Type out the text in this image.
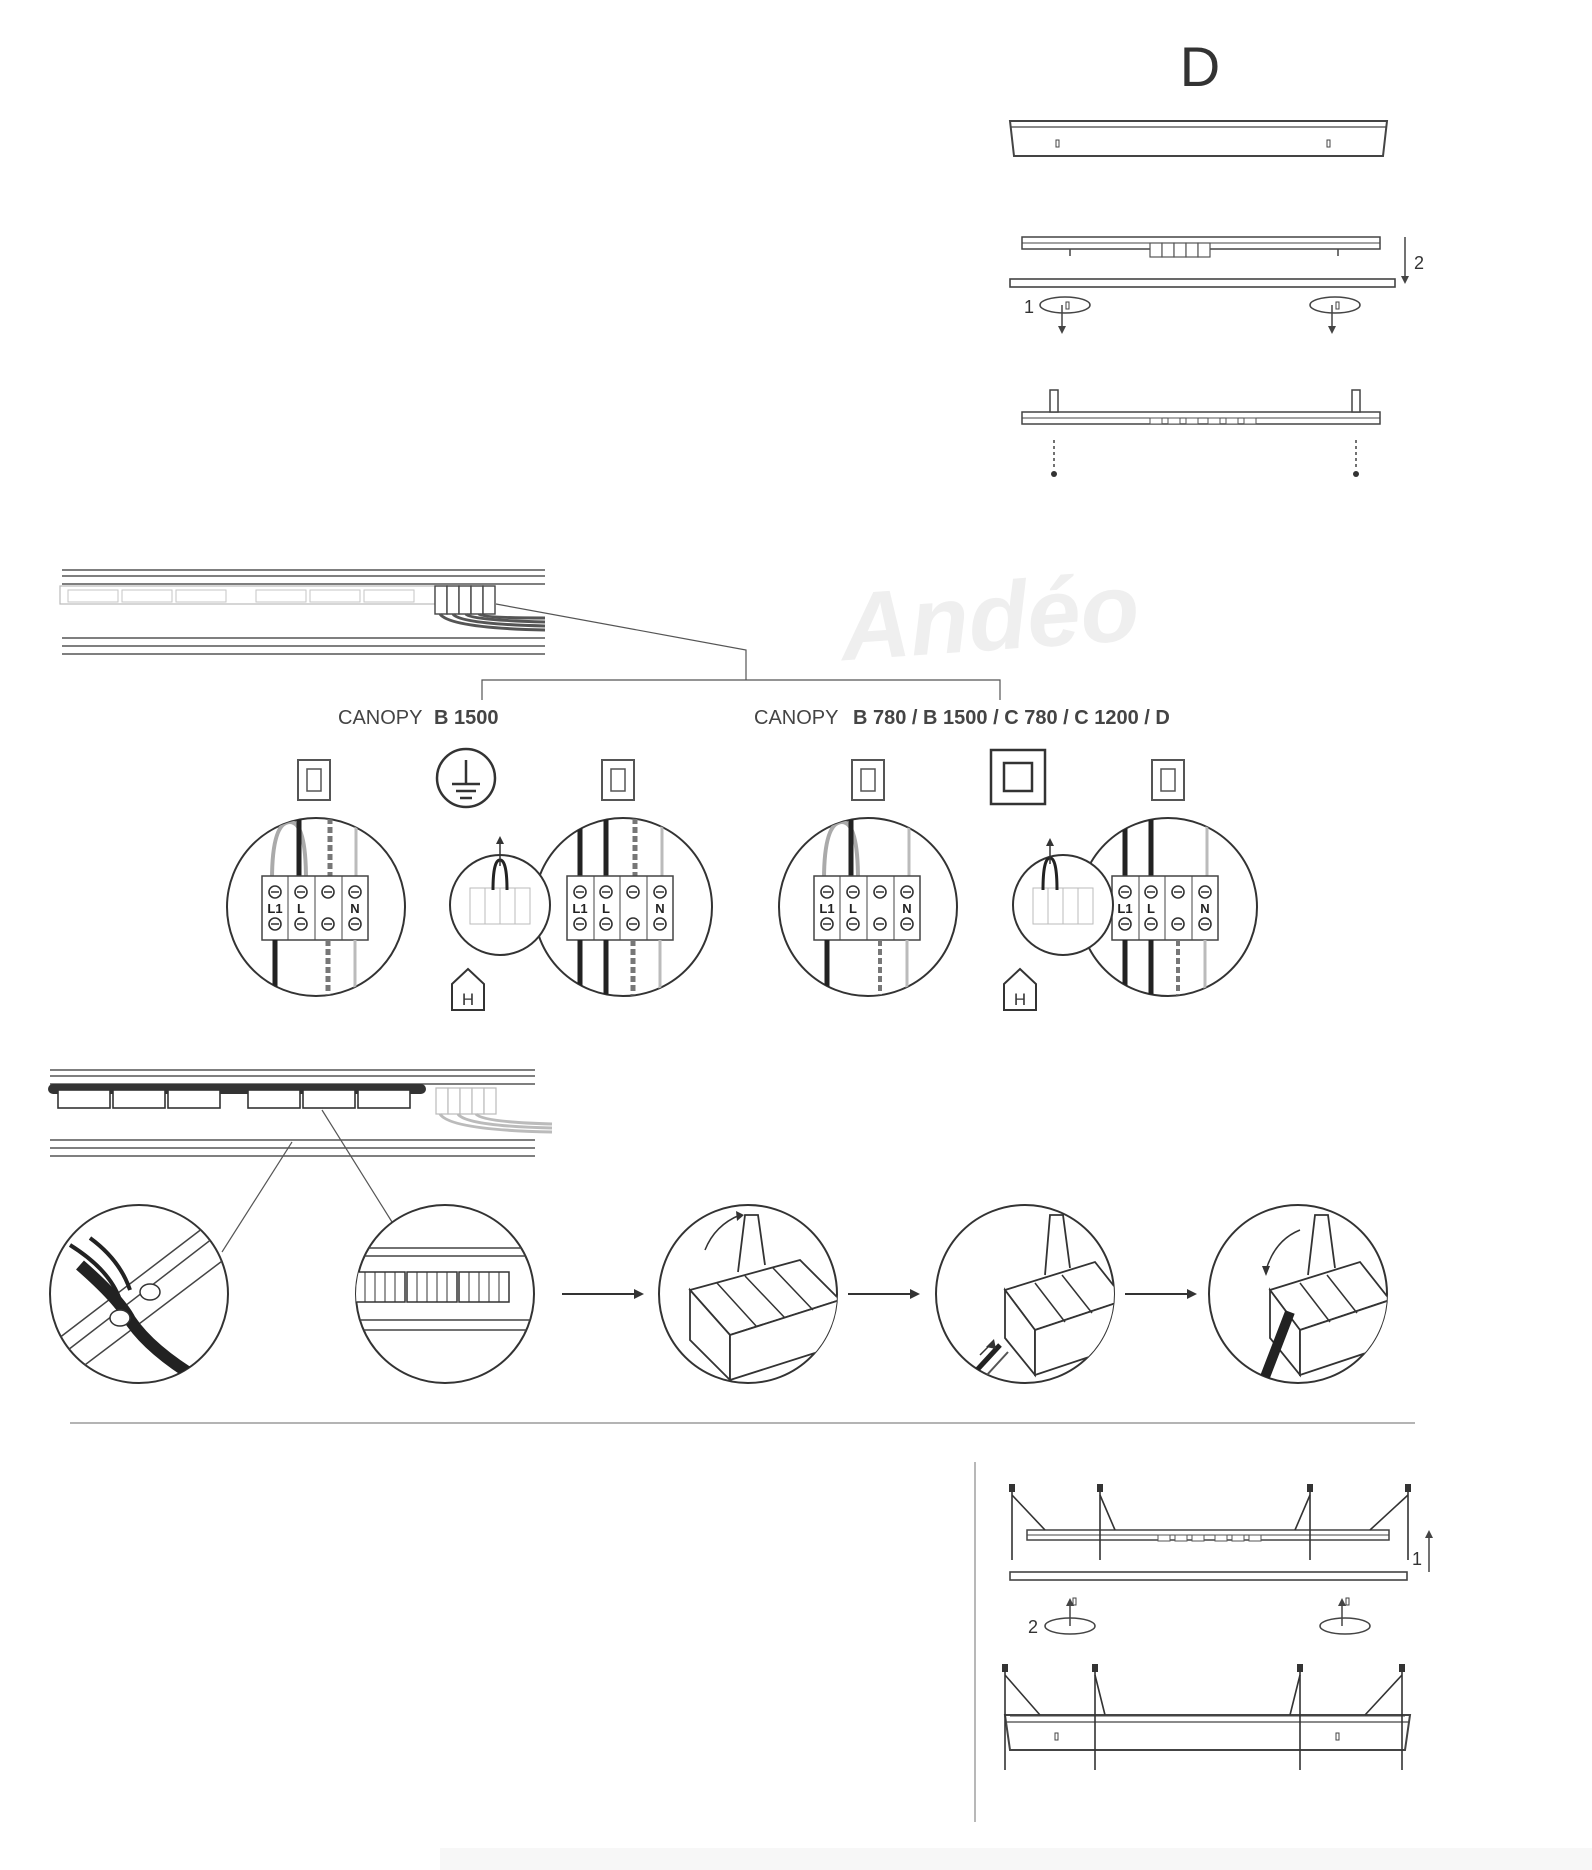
D
2
1
Andéo
CANOPY B 1500	CANOPY B 780 / B 1500 / C 780 / C 1200 / D
L1 L	N	L1 L	N
H
L1 L	N	L1 L	N
H
1
2
